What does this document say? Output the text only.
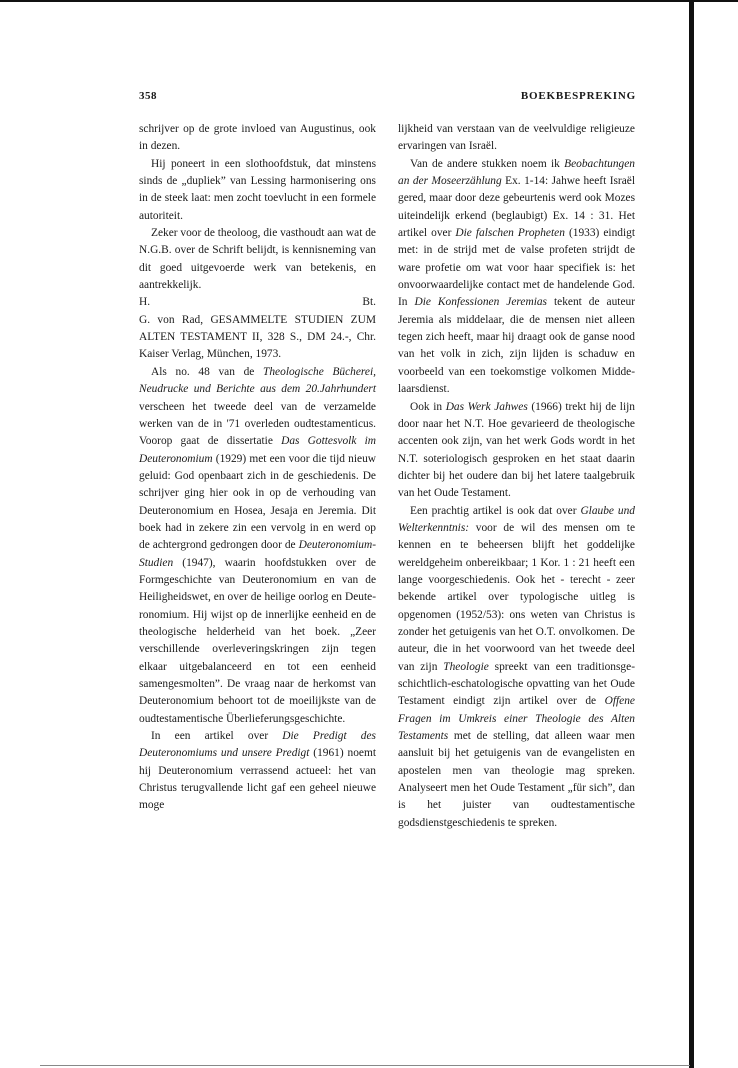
358	BOEKBESPREKING

schrijver op de grote invloed van Augustinus, ook in dezen.

Hij poneert in een slothoofdstuk, dat minstens sinds de „dupliek” van Lessing harmonisering ons in de steek laat: men zocht toevlucht in een formele autoriteit.

Zeker voor de theoloog, die vasthoudt aan wat de N.G.B. over de Schrift belijdt, is kennisneming van dit goed uitgevoerde werk van betekenis, en aantrekkelijk.

H.	Bt.

G. von Rad, GESAMMELTE STUDIEN ZUM ALTEN TESTAMENT II, 328 S., DM 24.-, Chr. Kaiser Verlag, München, 1973.

Als no. 48 van de Theologische Bücherei, Neudrucke und Berichte aus dem 20.Jahrhundert verscheen het tweede deel van de verzamelde werken van de in '71 overleden oudtestamenticus. Voorop gaat de dissertatie Das Gottesvolk im Deuteronomium (1929) met een voor die tijd nieuw geluid: God openbaart zich in de geschiedenis. De schrijver ging hier ook in op de verhouding van Deuteronomium en Hosea, Jesaja en Jeremia. Dit boek had in zekere zin een vervolg in en werd op de achtergrond gedrongen door de Deuteronomium-Studien (1947), waarin hoofdstukken over de Formgeschichte van Deuteronomium en van de Heiligheidswet, en over de heilige oorlog en Deuteronomium. Hij wijst op de innerlijke eenheid en de theologische helderheid van het boek. „Zeer verschillende overleveringskringen zijn tegen elkaar uitgebalanceerd en tot een eenheid samengesmolten”. De vraag naar de herkomst van Deuteronomium behoort tot de moeilijkste van de oudtestamentische Überlieferungsgeschichte.

In een artikel over Die Predigt des Deuteronomiums und unsere Predigt (1961) noemt hij Deuteronomium verrassend actueel: het van Christus terugvallende licht gaf een geheel nieuwe moge

lijkheid van verstaan van de veelvuldige religieuze ervaringen van Israël.

Van de andere stukken noem ik Beobachtungen an der Moseerzählung Ex. 1-14: Jahwe heeft Israël gered, maar door deze gebeurtenis werd ook Mozes uiteindelijk erkend (beglaubigt) Ex. 14 : 31. Het artikel over Die falschen Propheten (1933) eindigt met: in de strijd met de valse profeten strijdt de ware profetie om wat voor haar specifiek is: het onvoorwaardelijke contact met de handelende God. In Die Konfessionen Jeremias tekent de auteur Jeremia als middelaar, die de mensen niet alleen tegen zich heeft, maar hij draagt ook de ganse nood van het volk in zich, zijn lijden is schaduw en voorbeeld van een toekomstige volkomen Middelaarsdienst.

Ook in Das Werk Jahwes (1966) trekt hij de lijn door naar het N.T. Hoe gevarieerd de theologische accenten ook zijn, van het werk Gods wordt in het N.T. soteriologisch gesproken en het staat daarin dichter bij het oudere dan bij het latere taalgebruik van het Oude Testament.

Een prachtig artikel is ook dat over Glaube und Welterkenntnis: voor de wil des mensen om te kennen en te beheersen blijft het goddelijke wereldgeheim onbereikbaar; 1 Kor. 1 : 21 heeft een lange voorgeschiedenis. Ook het - terecht - zeer bekende artikel over typologische uitleg is opgenomen (1952/53): ons weten van Christus is zonder het getuigenis van het O.T. onvolkomen. De auteur, die in het voorwoord van het tweede deel van zijn Theologie spreekt van een traditionsgeschichtlich-eschatologische opvatting van het Oude Testament eindigt zijn artikel over de Offene Fragen im Umkreis einer Theologie des Alten Testaments met de stelling, dat alleen waar men aansluit bij het getuigenis van de evangelisten en apostelen men van theologie mag spreken. Analyseert men het Oude Testament „für sich”, dan is het juister van oudtestamentische godsdienstgeschiedenis te spreken.
